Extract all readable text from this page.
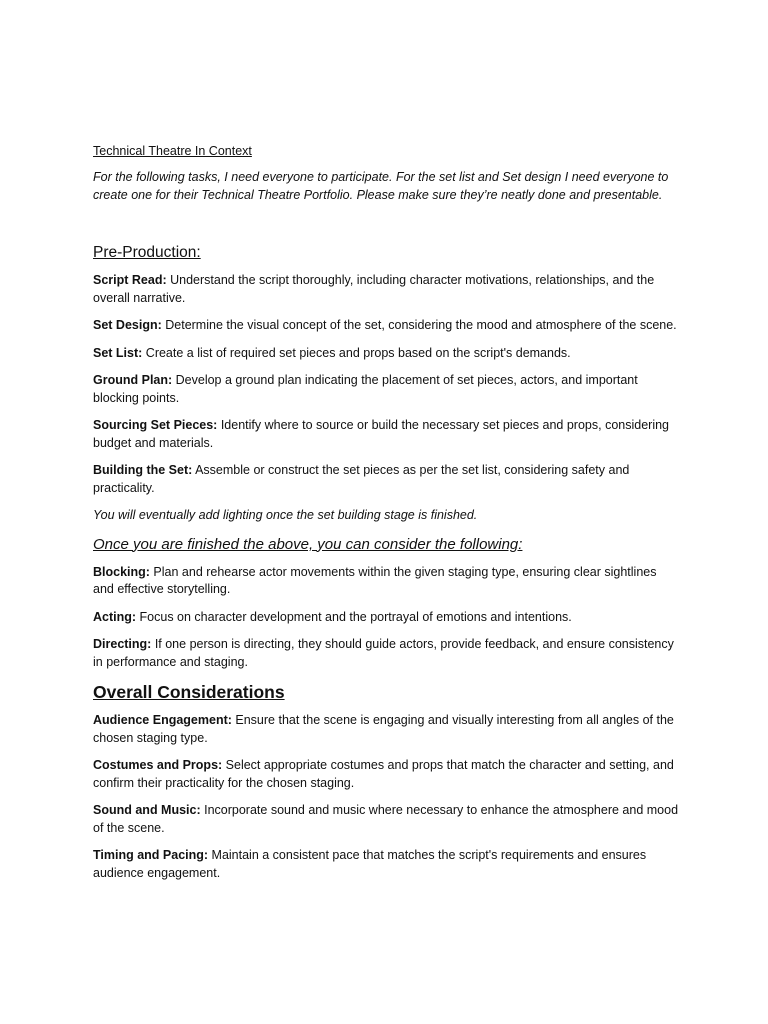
Technical Theatre In Context

For the following tasks, I need everyone to participate. For the set list and Set design I need everyone to create one for their Technical Theatre Portfolio. Please make sure they’re neatly done and presentable.

Pre-Production:

Script Read: Understand the script thoroughly, including character motivations, relationships, and the overall narrative.

Set Design: Determine the visual concept of the set, considering the mood and atmosphere of the scene.

Set List: Create a list of required set pieces and props based on the script's demands.

Ground Plan: Develop a ground plan indicating the placement of set pieces, actors, and important blocking points.

Sourcing Set Pieces: Identify where to source or build the necessary set pieces and props, considering budget and materials.

Building the Set: Assemble or construct the set pieces as per the set list, considering safety and practicality.

You will eventually add lighting once the set building stage is finished.

Once you are finished the above, you can consider the following:

Blocking: Plan and rehearse actor movements within the given staging type, ensuring clear sightlines and effective storytelling.

Acting: Focus on character development and the portrayal of emotions and intentions.

Directing: If one person is directing, they should guide actors, provide feedback, and ensure consistency in performance and staging.

Overall Considerations

Audience Engagement: Ensure that the scene is engaging and visually interesting from all angles of the chosen staging type.

Costumes and Props: Select appropriate costumes and props that match the character and setting, and confirm their practicality for the chosen staging.

Sound and Music: Incorporate sound and music where necessary to enhance the atmosphere and mood of the scene.

Timing and Pacing: Maintain a consistent pace that matches the script's requirements and ensures audience engagement.
